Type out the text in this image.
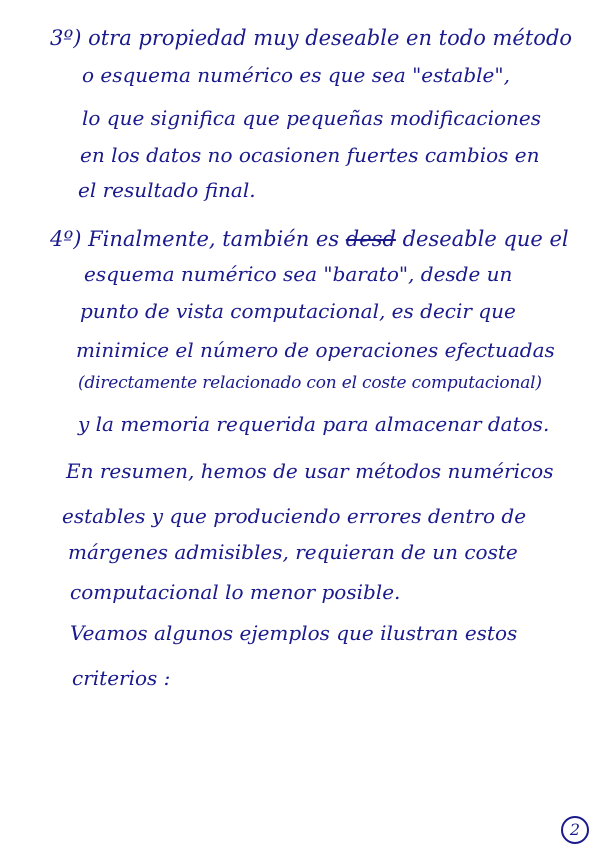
3º) otra propiedad muy deseable en todo método
o esquema numérico es que sea "estable",
lo que significa que pequeñas modificaciones
en los datos no ocasionen fuertes cambios en
el resultado final.
4º) Finalmente, también es desd deseable que el
esquema numérico sea "barato", desde un
punto de vista computacional, es decir que
minimice el número de operaciones efectuadas
(directamente relacionado con el coste computacional)
y la memoria requerida para almacenar datos.
En resumen, hemos de usar métodos numéricos
estables y que produciendo errores dentro de
márgenes admisibles, requieran de un coste
computacional lo menor posible.
Veamos algunos ejemplos que ilustran estos
criterios :
2
